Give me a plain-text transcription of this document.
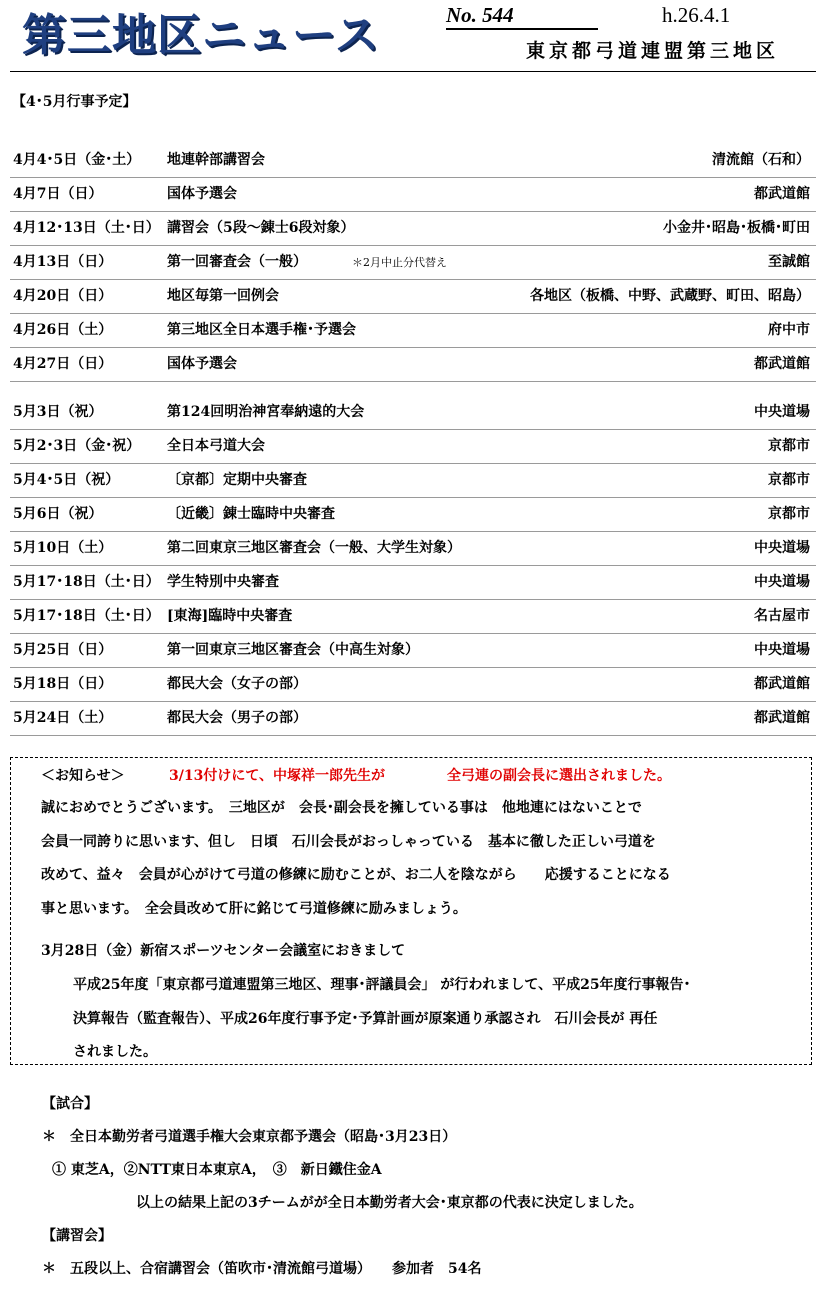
第三地区ニュース	No. 544	h.26.4.1
東京都弓道連盟第三地区
【4･5月行事予定】
4月4･5日（金･土） 地連幹部講習会	清流館（石和）
4月7日（日）	国体予選会	都武道館
4月12･13日（土･日） 講習会（5段～錬士6段対象）	小金井･昭島･板橋･町田
4月13日（日）	第一回審査会（一般）	＊2月中止分代替え	至誠館
4月20日（日）	地区毎第一回例会	各地区（板橋、中野、武蔵野、町田、昭島）
4月26日（土）	第三地区全日本選手権･予選会	府中市
4月27日（日）	国体予選会	都武道館
5月3日（祝）	第124回明治神宮奉納遠的大会	中央道場
5月2･3日（金･祝） 全日本弓道大会	京都市
5月4･5日（祝）	〔京都〕定期中央審査	京都市
5月6日（祝）	〔近畿〕錬士臨時中央審査	京都市
5月10日（土）	第二回東京三地区審査会（一般、大学生対象）	中央道場
5月17･18日（土･日） 学生特別中央審査	中央道場
5月17･18日（土･日） [東海]臨時中央審査	名古屋市
5月25日（日）	第一回東京三地区審査会（中高生対象）	中央道場
5月18日（日）	都民大会（女子の部）	都武道館
5月24日（土）	都民大会（男子の部）	都武道館
＜お知らせ＞	3/13付けにて、中塚祥一郎先生が	全弓連の副会長に選出されました。
誠におめでとうございます。　三地区が　会長･副会長を擁している事は　他地連にはないことで
会員一同誇りに思います、但し　日頃　石川会長がおっしゃっている　基本に徹した正しい弓道を
改めて、益々　会員が心がけて弓道の修練に励むことが、お二人を陰ながら　　応援することになる
事と思います。　全会員改めて肝に銘じて弓道修練に励みましょう。
3月28日（金）新宿スポーツセンター会議室におきまして
平成25年度「東京都弓道連盟第三地区、理事･評議員会」 が行われまして、平成25年度行事報告･
決算報告（監査報告）、平成26年度行事予定･予算計画が原案通り承認され　石川会長が 再任
されました。
【試合】
＊　全日本勤労者弓道選手権大会東京都予選会（昭島･3月23日）
① 東芝A，②NTT東日本東京A，　③　新日鐵住金A
以上の結果上記の3チームがが全日本勤労者大会･東京都の代表に決定しました。
【講習会】
＊　五段以上、合宿講習会（笛吹市･清流館弓道場）　　参加者　54名
